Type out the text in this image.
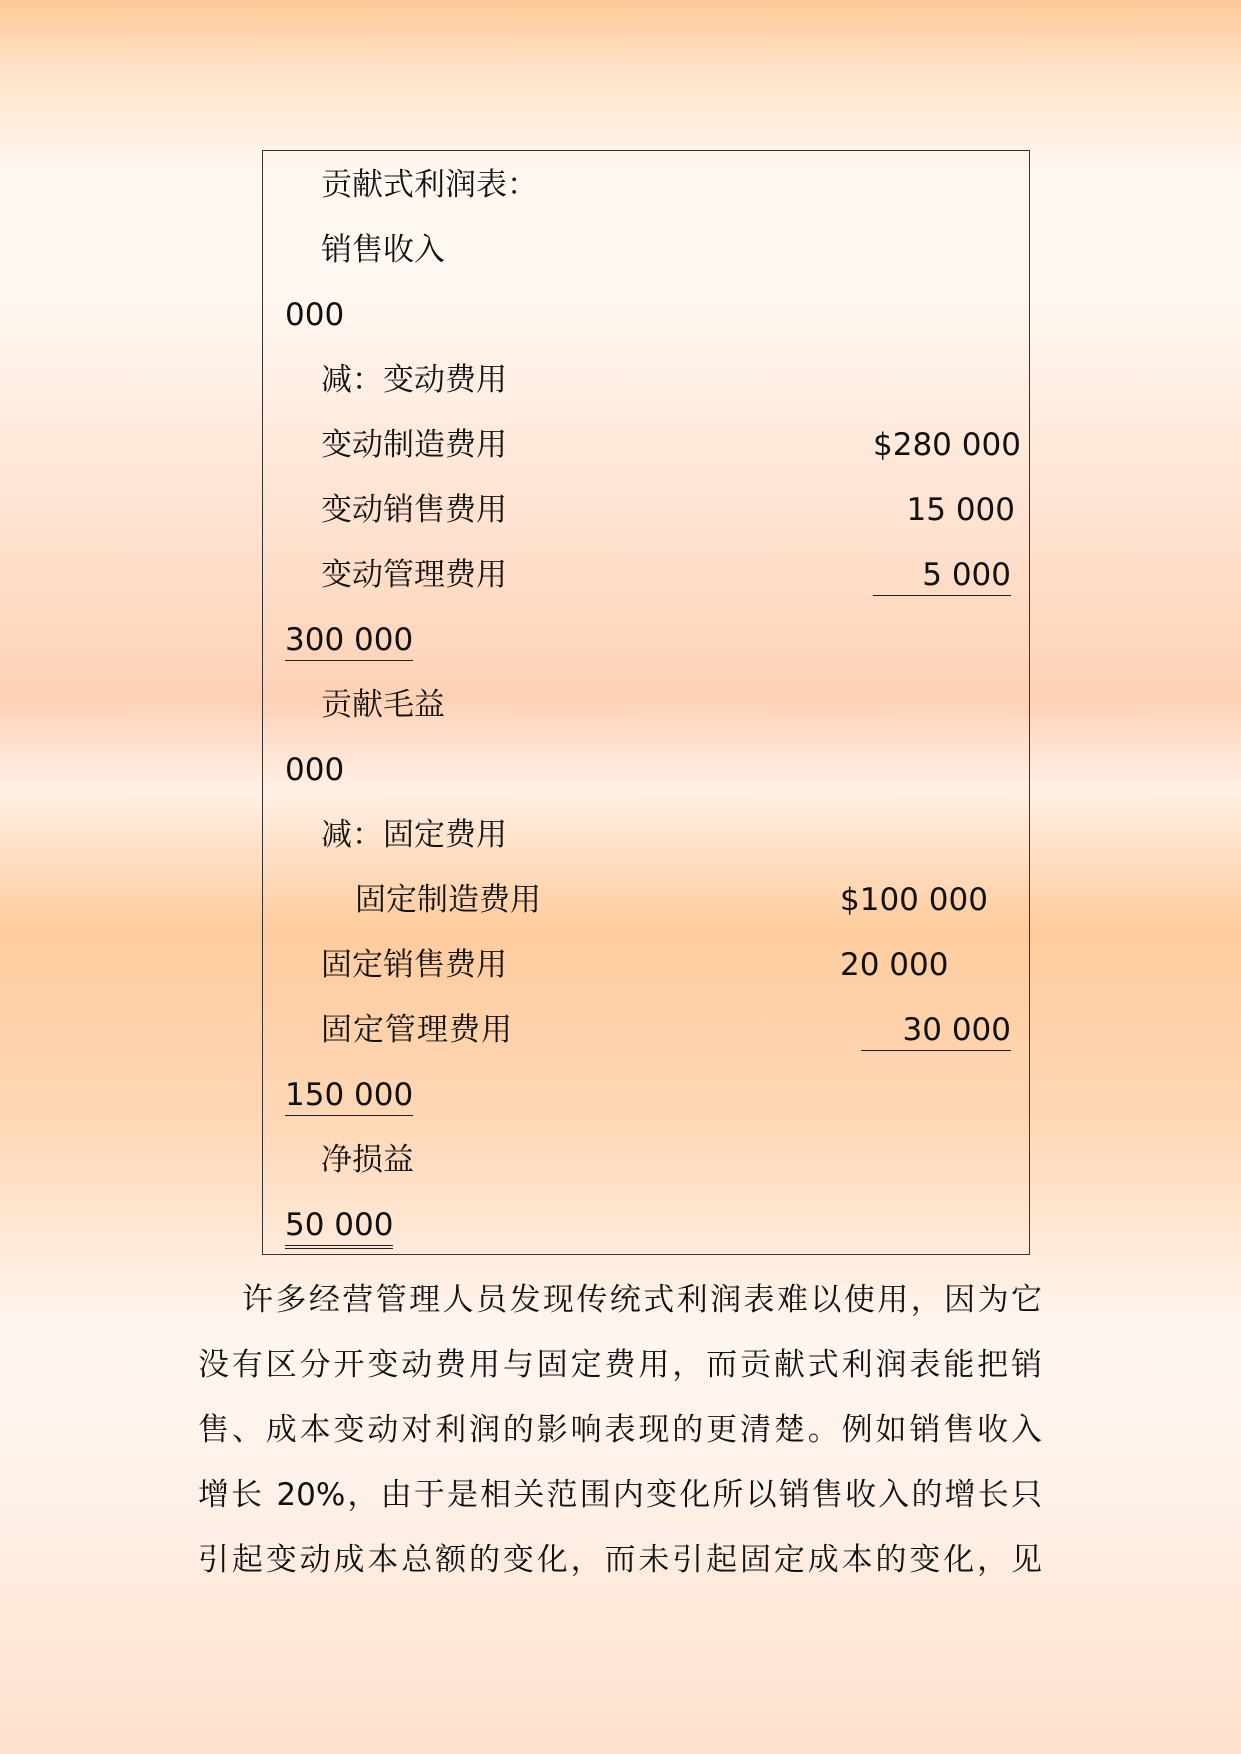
贡献式利润表：
销售收入
000
减：变动费用
变动制造费用	$280 000
变动销售费用	15 000
变动管理费用	5 000
300 000
贡献毛益
000
减：固定费用
固定制造费用	$100 000
固定销售费用	20 000
固定管理费用	30 000
150 000
净损益
50 000
许多经营管理人员发现传统式利润表难以使用，因为它
没有区分开变动费用与固定费用，而贡献式利润表能把销
售、成本变动对利润的影响表现的更清楚。例如销售收入
增长 20%，由于是相关范围内变化所以销售收入的增长只
引起变动成本总额的变化，而未引起固定成本的变化，见
